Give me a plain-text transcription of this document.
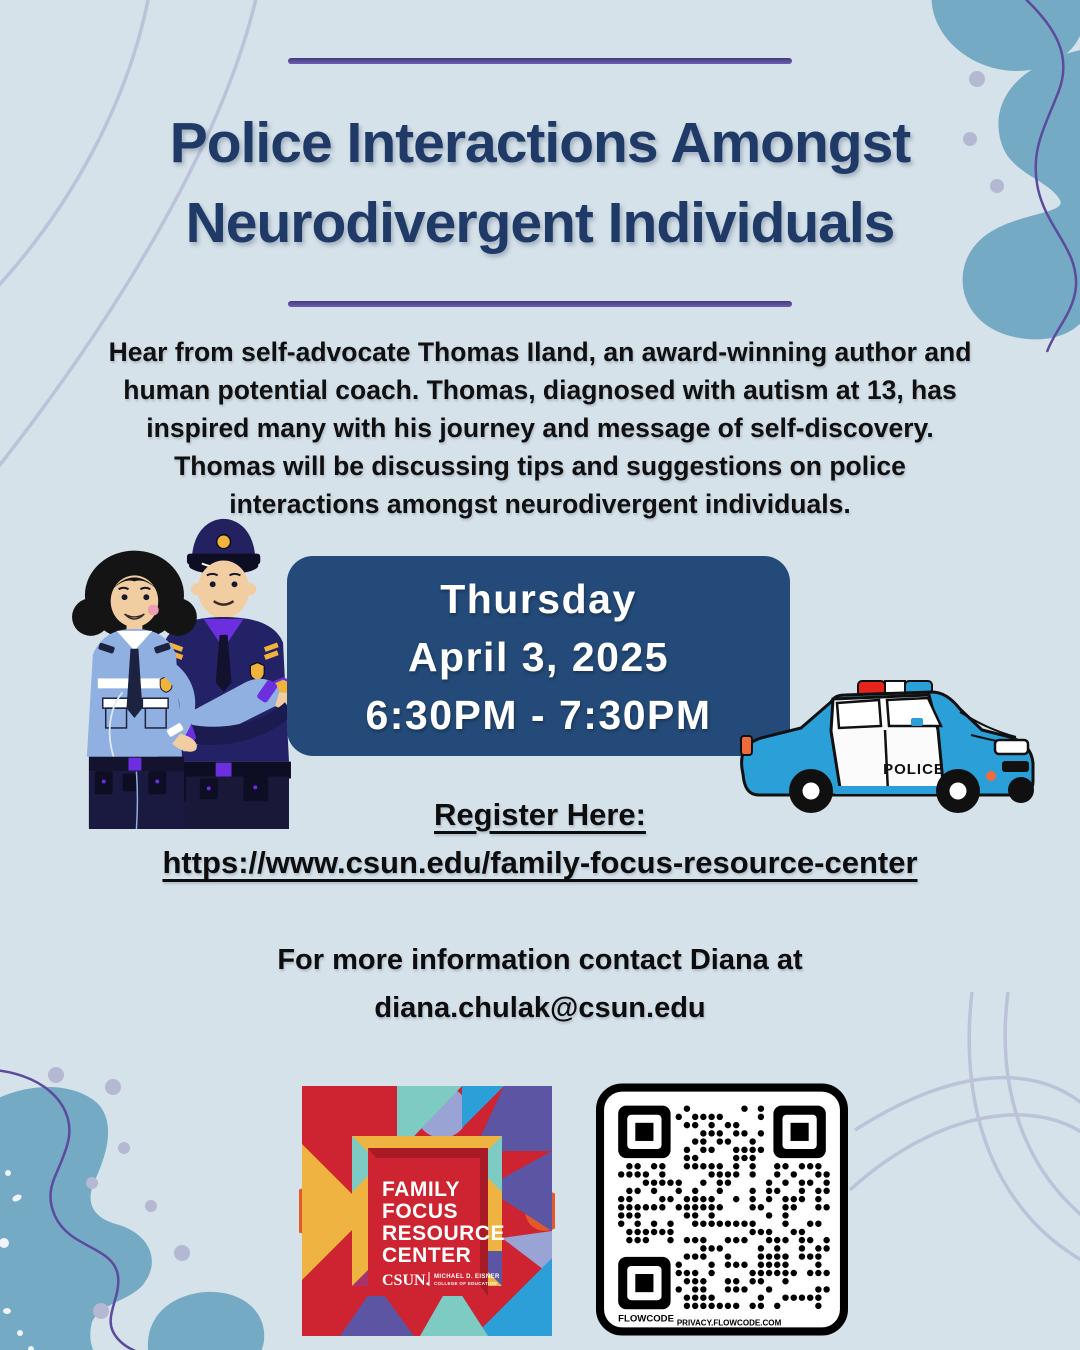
Police Interactions Amongst
Neurodivergent Individuals
Hear from self-advocate Thomas Iland, an award-winning author and
human potential coach. Thomas, diagnosed with autism at 13, has
inspired many with his journey and message of self-discovery.
Thomas will be discussing tips and suggestions on police
interactions amongst neurodivergent individuals.
Thursday
April 3, 2025
6:30PM - 7:30PM
POLICE
Register Here:
https://www.csun.edu/family-focus-resource-center
For more information contact Diana at
diana.chulak@csun.edu
FAMILY
FOCUS
RESOURCE
CENTER
CSUN. MICHAEL D. EISNER
COLLEGE OF EDUCATION
FLOWCODE PRIVACY.FLOWCODE.COM
